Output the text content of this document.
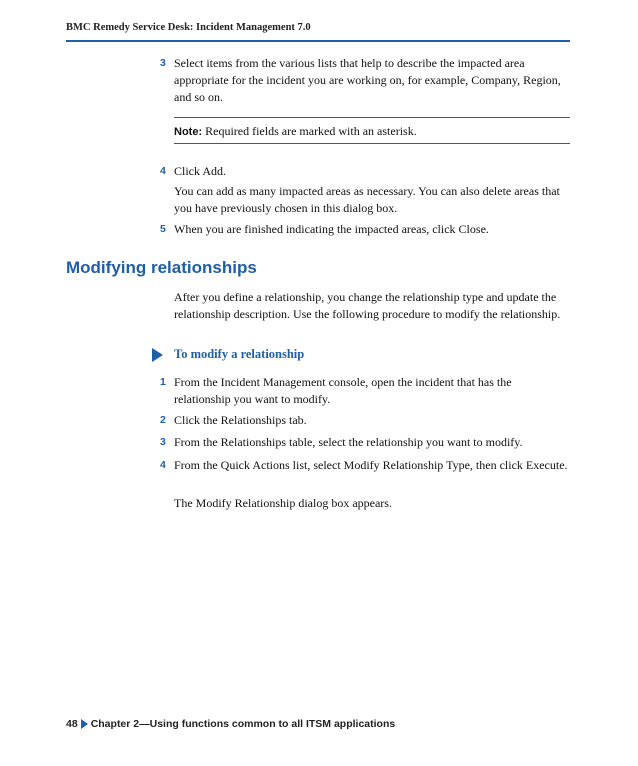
BMC Remedy Service Desk: Incident Management 7.0
3 Select items from the various lists that help to describe the impacted area appropriate for the incident you are working on, for example, Company, Region, and so on.
Note: Required fields are marked with an asterisk.
4 Click Add.
You can add as many impacted areas as necessary. You can also delete areas that you have previously chosen in this dialog box.
5 When you are finished indicating the impacted areas, click Close.
Modifying relationships
After you define a relationship, you change the relationship type and update the relationship description. Use the following procedure to modify the relationship.
To modify a relationship
1 From the Incident Management console, open the incident that has the relationship you want to modify.
2 Click the Relationships tab.
3 From the Relationships table, select the relationship you want to modify.
4 From the Quick Actions list, select Modify Relationship Type, then click Execute.
The Modify Relationship dialog box appears.
48 Chapter 2—Using functions common to all ITSM applications
